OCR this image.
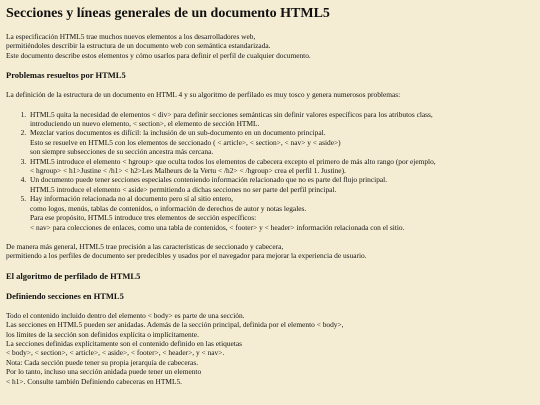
Secciones y líneas generales de un documento HTML5

La especificación HTML5 trae muchos nuevos elementos a los desarrolladores web,
permitiéndoles describir la estructura de un documento web con semántica estandarizada.
Este documento describe estos elementos y cómo usarlos para definir el perfil de cualquier documento.

Problemas resueltos por HTML5

La definición de la estructura de un documento en HTML 4 y su algoritmo de perfilado es muy tosco y genera numerosos problemas:

1. HTML5 quita la necesidad de elementos < div> para definir secciones semánticas sin definir valores específicos para los atributos class,
introduciendo un nuevo elemento, < section>, el elemento de sección HTML.
2. Mezclar varios documentos es difícil: la inclusión de un sub-documento en un documento principal.
Esto se resuelve en HTML5 con los elementos de seccionado ( < article>, < section>, < nav> y < aside>)
son siempre subsecciones de su sección ancestra más cercana.
3. HTML5 introduce el elemento < hgroup> que oculta todos los elementos de cabecera excepto el primero de más alto rango (por ejemplo,
< hgroup> < h1>Justine < /h1> < h2>Les Malheurs de la Vertu < /h2> < /hgroup> crea el perfil 1. Justine).
4. Un documento puede tener secciones especiales conteniendo información relacionado que no es parte del flujo principal.
HTML5 introduce el elemento < aside> permitiendo a dichas secciones no ser parte del perfil principal.
5. Hay información relacionada no al documento pero sí al sitio entero,
como logos, menús, tablas de contenidos, o información de derechos de autor y notas legales.
Para ese propósito, HTML5 introduce tres elementos de sección específicos:
< nav> para colecciones de enlaces, como una tabla de contenidos, < footer> y < header> información relacionada con el sitio.

De manera más general, HTML5 trae precisión a las características de seccionado y cabecera,
permitiendo a los perfiles de documento ser predecibles y usados por el navegador para mejorar la experiencia de usuario.

El algoritmo de perfilado de HTML5
Definiendo secciones en HTML5

Todo el contenido incluido dentro del elemento < body> es parte de una sección.
Las secciones en HTML5 pueden ser anidadas. Además de la sección principal, definida por el elemento < body>,
los límites de la sección son definidos explícita o implícitamente.
La secciones definidas explícitamente son el contenido definido en las etiquetas
< body>, < section>, < article>, < aside>, < footer>, < header>, y < nav>.
Nota: Cada sección puede tener su propia jerarquía de cabeceras.
Por lo tanto, incluso una sección anidada puede tener un elemento
< h1>. Consulte también Definiendo cabeceras en HTML5.
